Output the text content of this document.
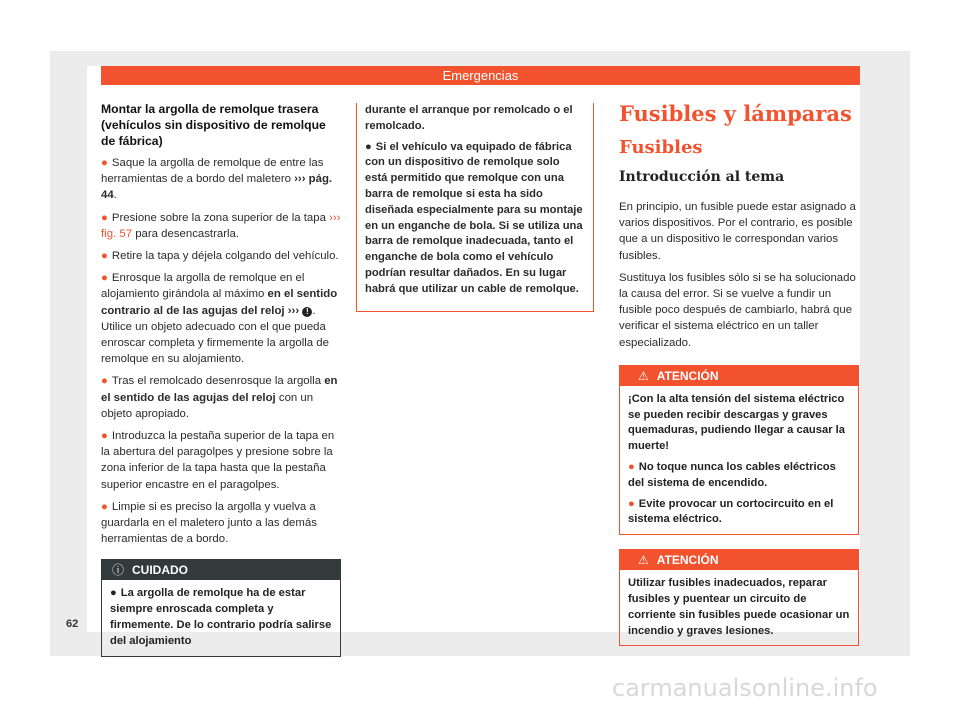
Emergencias
Montar la argolla de remolque trasera (vehículos sin dispositivo de remolque de fábrica)

● Saque la argolla de remolque de entre las herramientas de a bordo del maletero ››› pág. 44.

● Presione sobre la zona superior de la tapa ››› fig. 57 para desencastrarla.

● Retire la tapa y déjela colgando del vehículo.

● Enrosque la argolla de remolque en el alojamiento girándola al máximo en el sentido contrario al de las agujas del reloj ››› ! . Utilice un objeto adecuado con el que pueda enroscar completa y firmemente la argolla de remolque en su alojamiento.

● Tras el remolcado desenrosque la argolla en el sentido de las agujas del reloj con un objeto apropiado.

● Introduzca la pestaña superior de la tapa en la abertura del paragolpes y presione sobre la zona inferior de la tapa hasta que la pestaña superior encastre en el paragolpes.

● Limpie si es preciso la argolla y vuelva a guardarla en el maletero junto a las demás herramientas de a bordo.

ⓘ CUIDADO

● La argolla de remolque ha de estar siempre enroscada completa y firmemente. De lo contrario podría salirse del alojamiento

durante el arranque por remolcado o el remolcado.

● Si el vehículo va equipado de fábrica con un dispositivo de remolque solo está permitido que remolque con una barra de remolque si esta ha sido diseñada especialmente para su montaje en un enganche de bola. Si se utiliza una barra de remolque inadecuada, tanto el enganche de bola como el vehículo podrían resultar dañados. En su lugar habrá que utilizar un cable de remolque.

Fusibles y lámparas
Fusibles
Introducción al tema

En principio, un fusible puede estar asignado a varios dispositivos. Por el contrario, es posible que a un dispositivo le correspondan varios fusibles.

Sustituya los fusibles sólo si se ha solucionado la causa del error. Si se vuelve a fundir un fusible poco después de cambiarlo, habrá que verificar el sistema eléctrico en un taller especializado.

⚠ ATENCIÓN

¡Con la alta tensión del sistema eléctrico se pueden recibir descargas y graves quemaduras, pudiendo llegar a causar la muerte!

● No toque nunca los cables eléctricos del sistema de encendido.

● Evite provocar un cortocircuito en el sistema eléctrico.

⚠ ATENCIÓN

Utilizar fusibles inadecuados, reparar fusibles y puentear un circuito de corriente sin fusibles puede ocasionar un incendio y graves lesiones.

62
carmanualsonline.info
